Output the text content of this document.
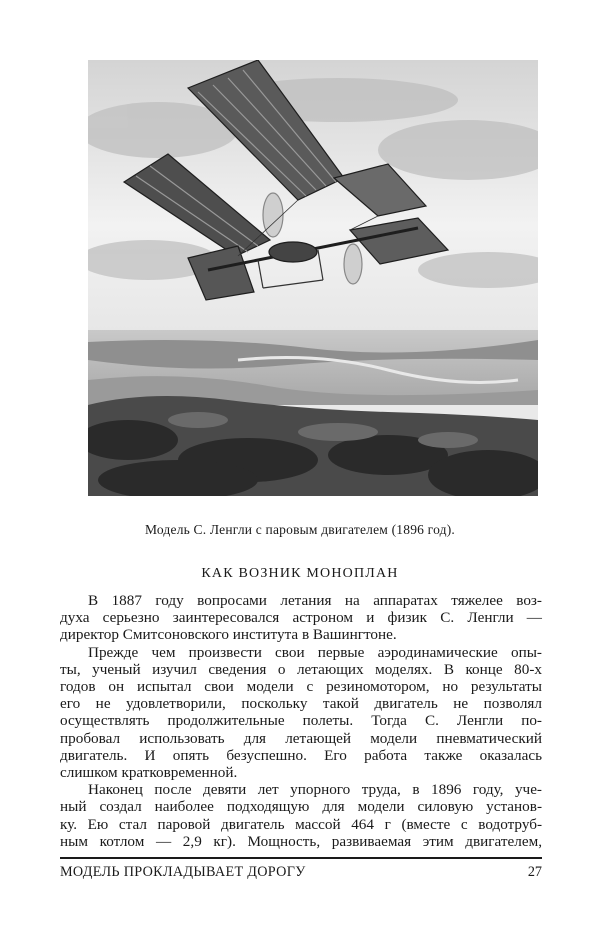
Модель С. Ленгли с паровым двигателем (1896 год).
КАК ВОЗНИК МОНОПЛАН

В 1887 году вопросами летания на аппаратах тяжелее воз-
духа серьезно заинтересовался астроном и физик С. Ленгли —
директор Смитсоновского института в Вашингтоне.

Прежде чем произвести свои первые аэродинамические опы-
ты, ученый изучил сведения о летающих моделях. В конце 80-х
годов он испытал свои модели с резиномотором, но результаты
его не удовлетворили, поскольку такой двигатель не позволял
осуществлять продолжительные полеты. Тогда С. Ленгли по-
пробовал использовать для летающей модели пневматический
двигатель. И опять безуспешно. Его работа также оказалась
слишком кратковременной.

Наконец после девяти лет упорного труда, в 1896 году, уче-
ный создал наиболее подходящую для модели силовую установ-
ку. Ею стал паровой двигатель массой 464 г (вместе с водотруб-
ным котлом — 2,9 кг). Мощность, развиваемая этим двигателем,

МОДЕЛЬ ПРОКЛАДЫВАЕТ ДОРОГУ	27
